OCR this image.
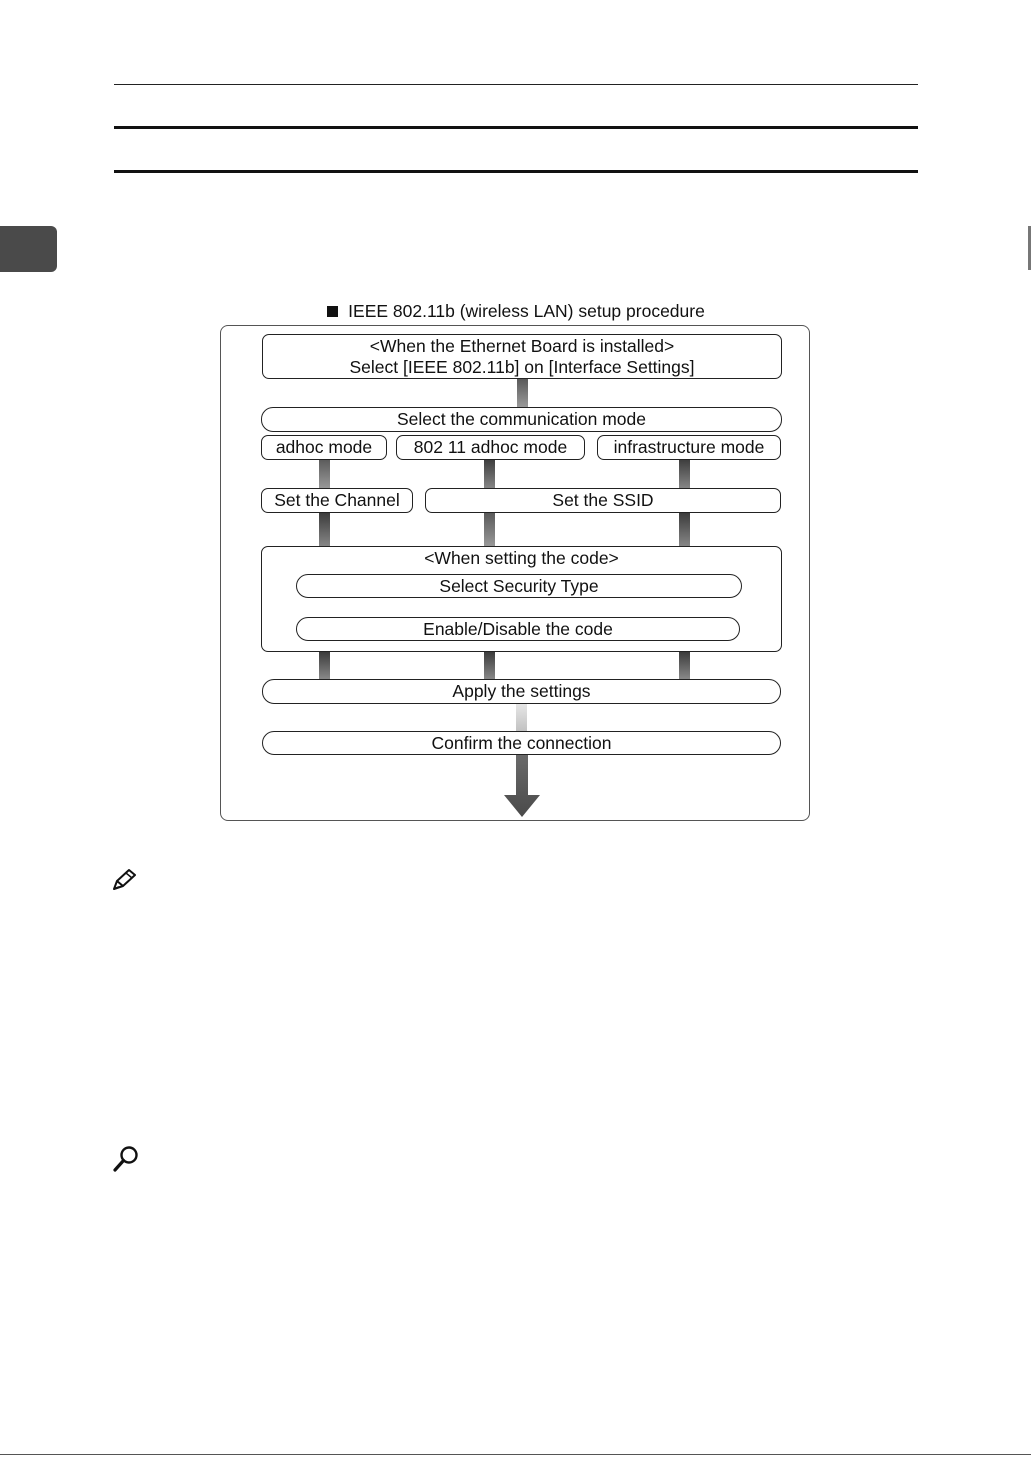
IEEE 802.11b (wireless LAN) setup procedure
<When the Ethernet Board is installed>
Select [IEEE 802.11b] on [Interface Settings]
Select the communication mode
adhoc mode 802 11 adhoc mode	infrastructure mode
Set the Channel	Set the SSID
<When setting the code>
Select Security Type
Enable/Disable the code
Apply the settings
Confirm the connection
